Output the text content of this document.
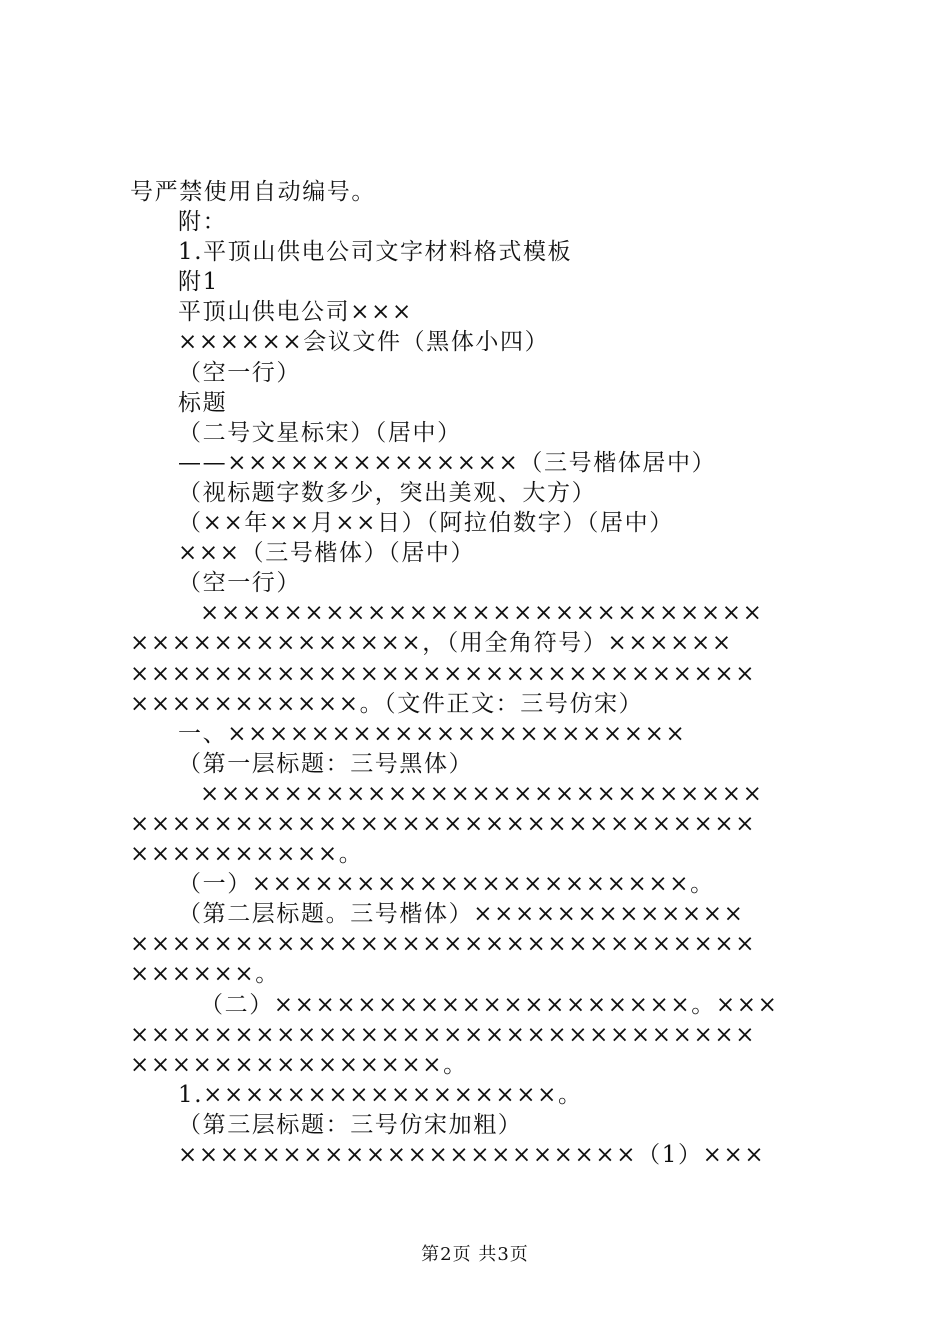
号严禁使用自动编号。
附：
1.平顶山供电公司文字材料格式模板
附1
平顶山供电公司×××
××××××会议文件（黑体小四）
（空一行）
标题
（二号文星标宋）（居中）
——××××××××××××××（三号楷体居中）
（视标题字数多少，突出美观、大方）
（××年××月××日）（阿拉伯数字）（居中）
×××（三号楷体）（居中）
（空一行）
×××××××××××××××××××××××××××
××××××××××××××，（用全角符号）××××××
××××××××××××××××××××××××××××××
×××××××××××。（文件正文：三号仿宋）
一、××××××××××××××××××××××
（第一层标题：三号黑体）
×××××××××××××××××××××××××××
××××××××××××××××××××××××××××××
××××××××××。
（一）×××××××××××××××××××××。
（第二层标题。三号楷体）×××××××××××××
××××××××××××××××××××××××××××××
××××××。
（二）××××××××××××××××××××。×××
××××××××××××××××××××××××××××××
×××××××××××××××。
1.×××××××××××××××××。
（第三层标题：三号仿宋加粗）
××××××××××××××××××××××（1）×××
第2页 共3页
